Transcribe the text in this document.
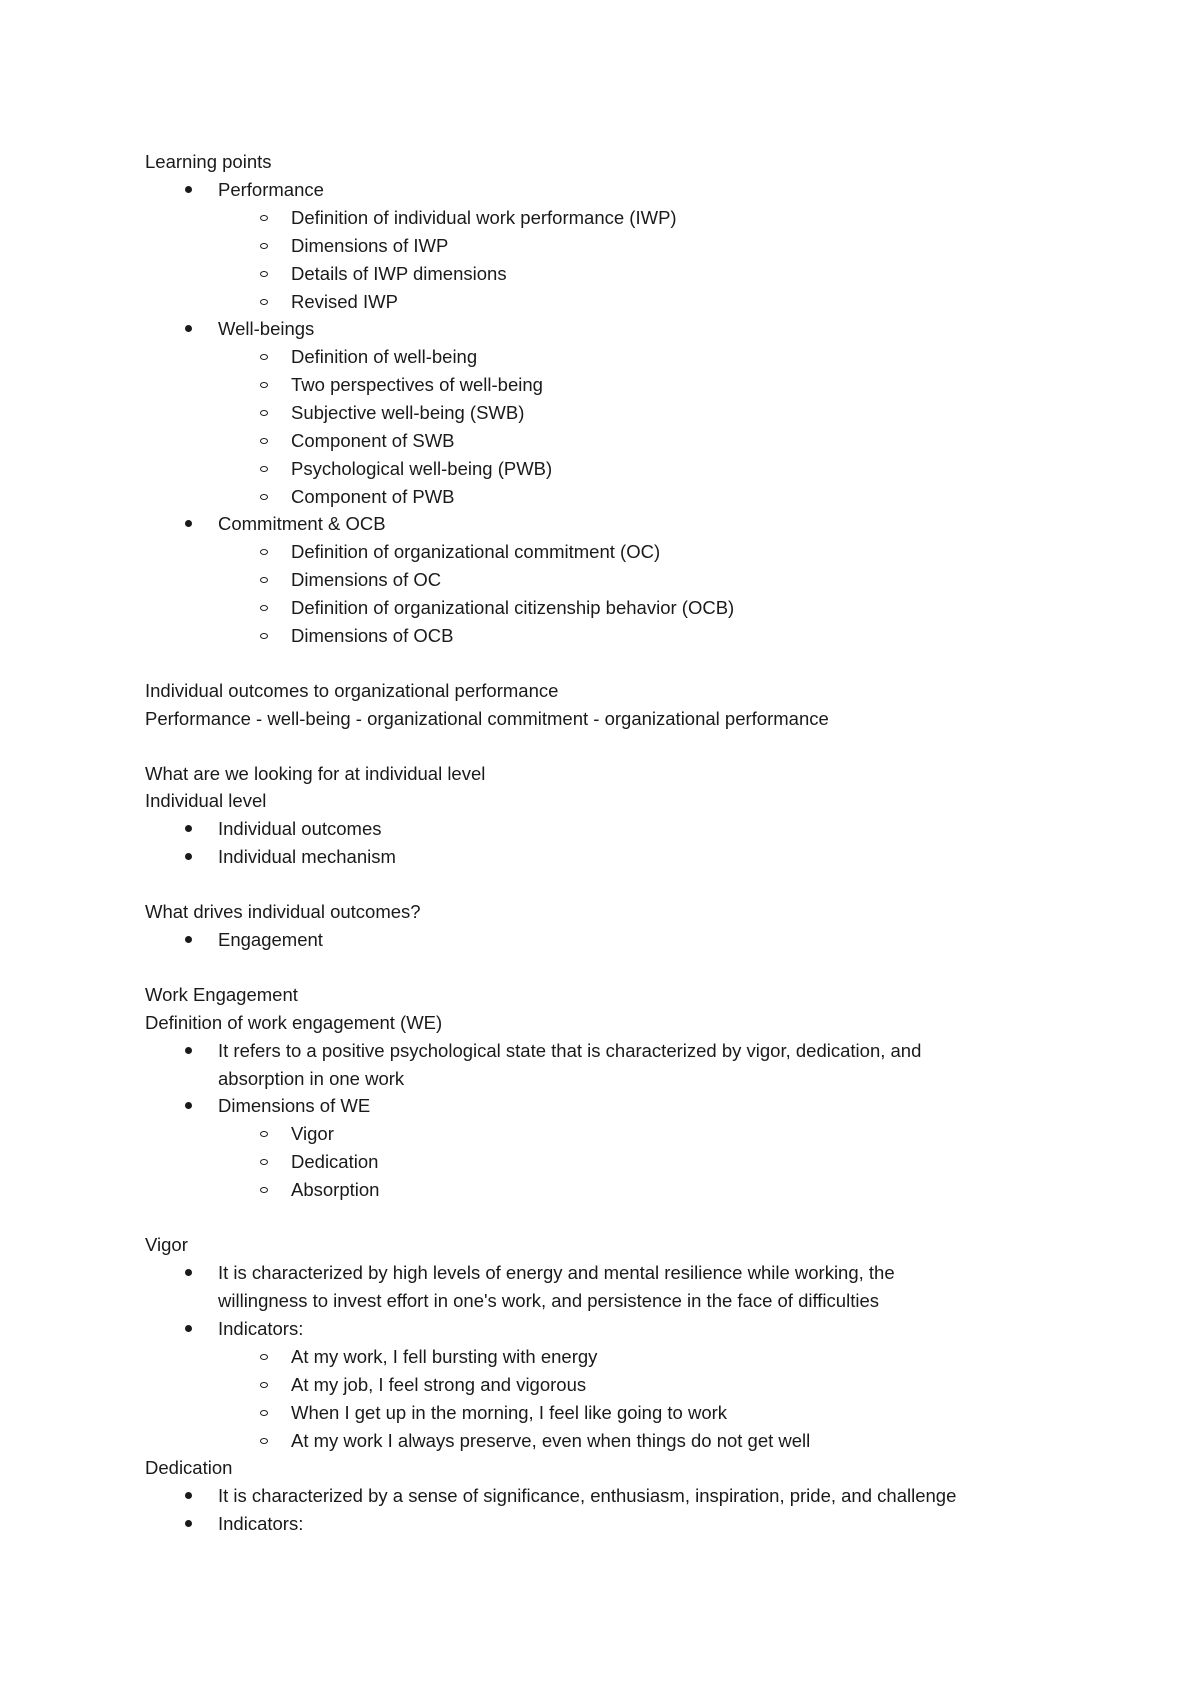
Learning points
Performance
Definition of individual work performance (IWP)
Dimensions of IWP
Details of IWP dimensions
Revised IWP
Well-beings
Definition of well-being
Two perspectives of well-being
Subjective well-being (SWB)
Component of SWB
Psychological well-being (PWB)
Component of PWB
Commitment & OCB
Definition of organizational commitment (OC)
Dimensions of OC
Definition of organizational citizenship behavior (OCB)
Dimensions of OCB
Individual outcomes to organizational performance
Performance - well-being - organizational commitment - organizational performance
What are we looking for at individual level
Individual level
Individual outcomes
Individual mechanism
What drives individual outcomes?
Engagement
Work Engagement
Definition of work engagement (WE)
It refers to a positive psychological state that is characterized by vigor, dedication, and
absorption in one work
Dimensions of WE
Vigor
Dedication
Absorption
Vigor
It is characterized by high levels of energy and mental resilience while working, the
willingness to invest effort in one's work, and persistence in the face of difficulties
Indicators:
At my work, I fell bursting with energy
At my job, I feel strong and vigorous
When I get up in the morning, I feel like going to work
At my work I always preserve, even when things do not get well
Dedication
It is characterized by a sense of significance, enthusiasm, inspiration, pride, and challenge
Indicators:
